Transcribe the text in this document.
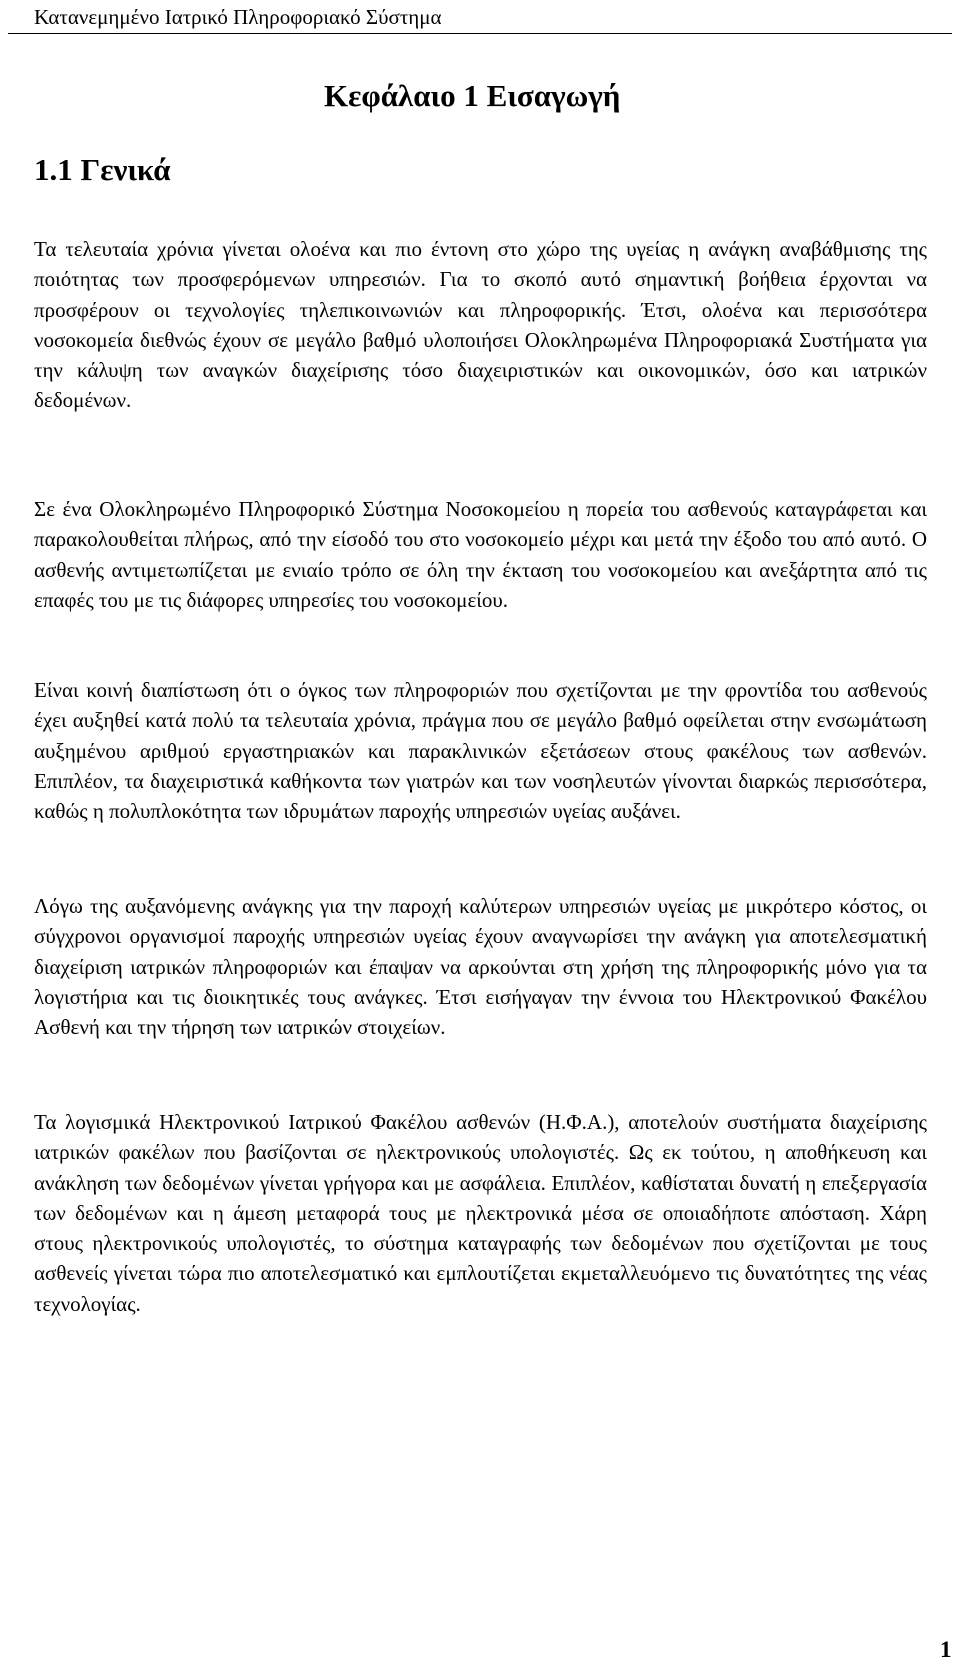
Κατανεμημένο Ιατρικό Πληροφοριακό Σύστημα
Κεφάλαιο 1 Εισαγωγή
1.1 Γενικά

Τα τελευταία χρόνια γίνεται ολοένα και πιο έντονη στο χώρο της υγείας η ανάγκη αναβάθμισης της ποιότητας των προσφερόμενων υπηρεσιών. Για το σκοπό αυτό σημαντική βοήθεια έρχονται να προσφέρουν οι τεχνολογίες τηλεπικοινωνιών και πληροφορικής. Έτσι, ολοένα και περισσότερα νοσοκομεία διεθνώς έχουν σε μεγάλο βαθμό υλοποιήσει Ολοκληρωμένα Πληροφοριακά Συστήματα για την κάλυψη των αναγκών διαχείρισης τόσο διαχειριστικών και οικονομικών, όσο και ιατρικών δεδομένων.

Σε ένα Ολοκληρωμένο Πληροφορικό Σύστημα Νοσοκομείου η πορεία του ασθενούς καταγράφεται και παρακολουθείται πλήρως, από την είσοδό του στο νοσοκομείο μέχρι και μετά την έξοδο του από αυτό. Ο ασθενής αντιμετωπίζεται με ενιαίο τρόπο σε όλη την έκταση του νοσοκομείου και ανεξάρτητα από τις επαφές του με τις διάφορες υπηρεσίες του νοσοκομείου.

Είναι κοινή διαπίστωση ότι ο όγκος των πληροφοριών που σχετίζονται με την φροντίδα του ασθενούς έχει αυξηθεί κατά πολύ τα τελευταία χρόνια, πράγμα που σε μεγάλο βαθμό οφείλεται στην ενσωμάτωση αυξημένου αριθμού εργαστηριακών και παρακλινικών εξετάσεων στους φακέλους των ασθενών. Επιπλέον, τα διαχειριστικά καθήκοντα των γιατρών και των νοσηλευτών γίνονται διαρκώς περισσότερα, καθώς η πολυπλοκότητα των ιδρυμάτων παροχής υπηρεσιών υγείας αυξάνει.

Λόγω της αυξανόμενης ανάγκης για την παροχή καλύτερων υπηρεσιών υγείας με μικρότερο κόστος, οι σύγχρονοι οργανισμοί παροχής υπηρεσιών υγείας έχουν αναγνωρίσει την ανάγκη για αποτελεσματική διαχείριση ιατρικών πληροφοριών και έπαψαν να αρκούνται στη χρήση της πληροφορικής μόνο για τα λογιστήρια και τις διοικητικές τους ανάγκες. Έτσι εισήγαγαν την έννοια του Ηλεκτρονικού Φακέλου Ασθενή και την τήρηση των ιατρικών στοιχείων.

Τα λογισμικά Ηλεκτρονικού Ιατρικού Φακέλου ασθενών (Η.Φ.Α.), αποτελούν συστήματα διαχείρισης ιατρικών φακέλων που βασίζονται σε ηλεκτρονικούς υπολογιστές. Ως εκ τούτου, η αποθήκευση και ανάκληση των δεδομένων γίνεται γρήγορα και με ασφάλεια. Επιπλέον, καθίσταται δυνατή η επεξεργασία των δεδομένων και η άμεση μεταφορά τους με ηλεκτρονικά μέσα σε οποιαδήποτε απόσταση. Χάρη στους ηλεκτρονικούς υπολογιστές, το σύστημα καταγραφής των δεδομένων που σχετίζονται με τους ασθενείς γίνεται τώρα πιο αποτελεσματικό και εμπλουτίζεται εκμεταλλευόμενο τις δυνατότητες της νέας τεχνολογίας.

1
